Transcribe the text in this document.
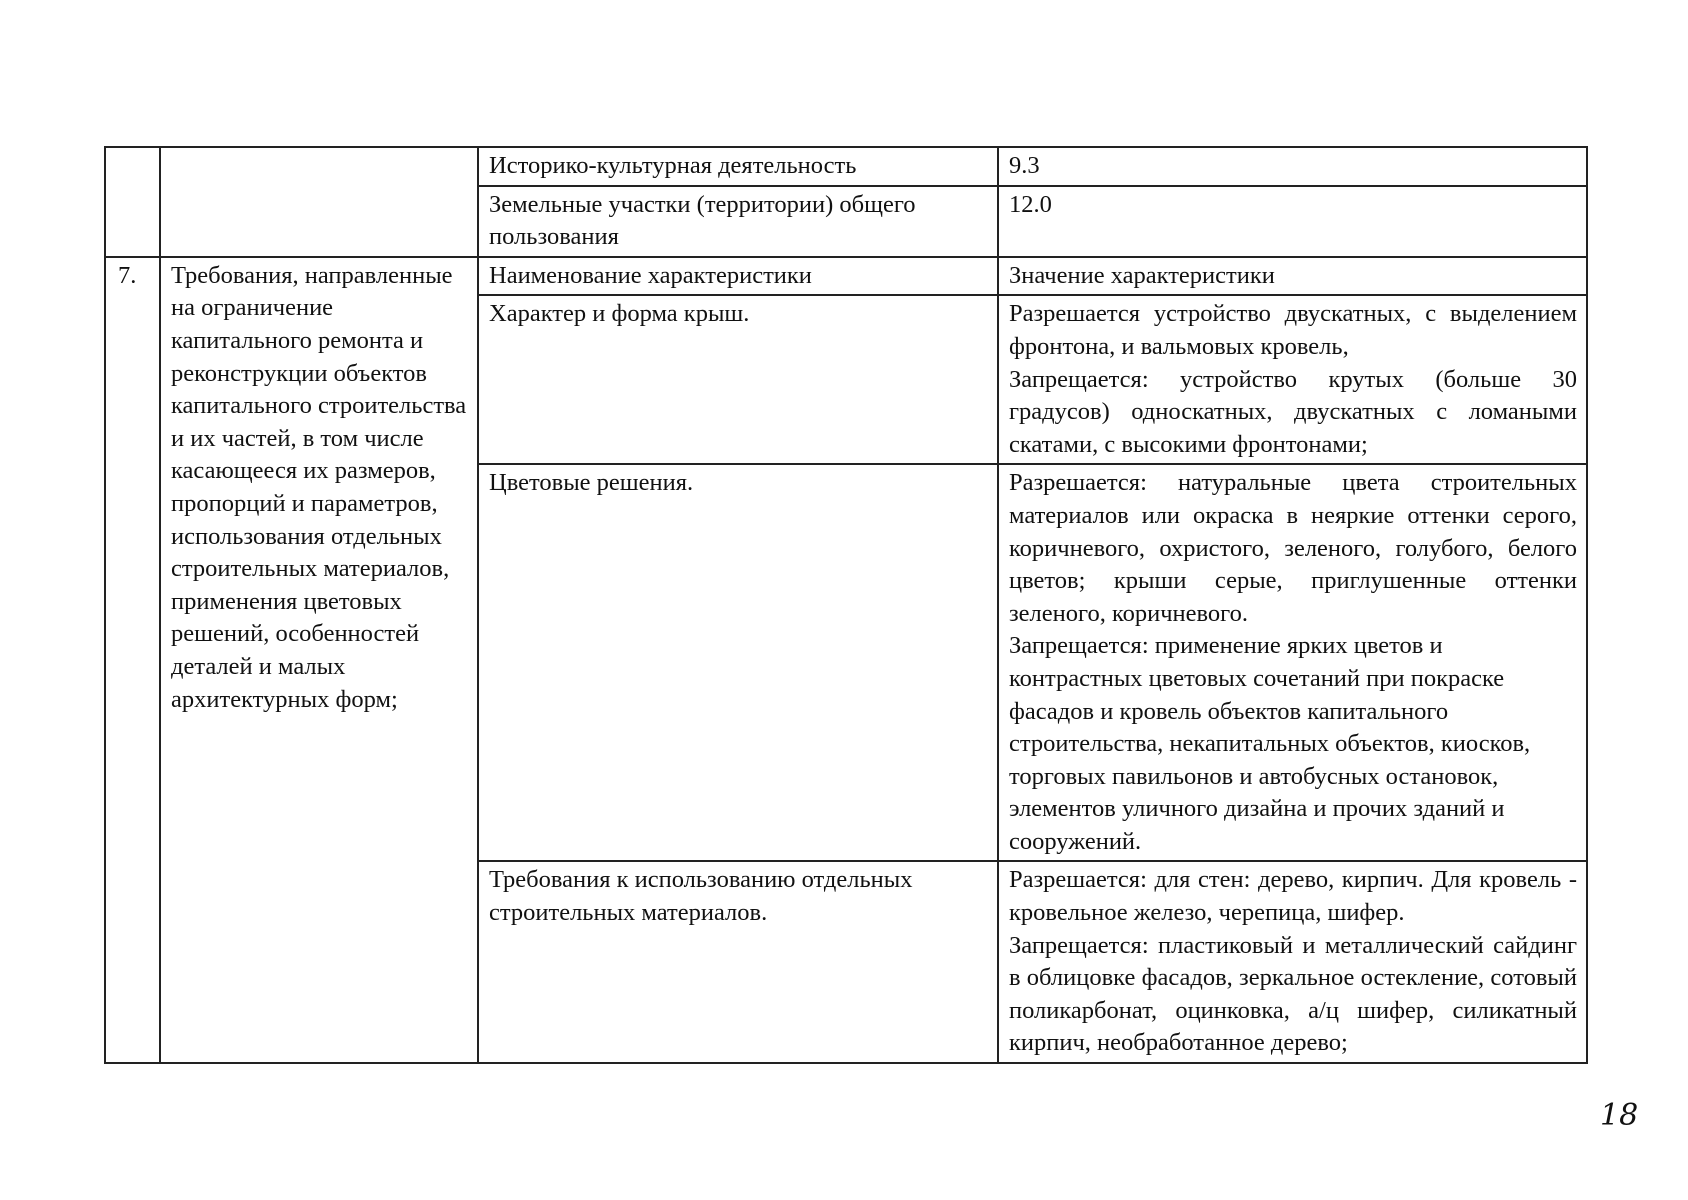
		Историко-культурная деятельность	9.3
		Земельные участки (территории) общего пользования	12.0
7.	Требования, направленные на ограничение капитального ремонта и реконструкции объектов капитального строительства и их частей, в том числе касающееся их размеров, пропорций и параметров, использования отдельных строительных материалов, применения цветовых решений, особенностей деталей и малых архитектурных форм;	Наименование характеристики	Значение характеристики
		Характер и форма крыш.	Разрешается устройство двускатных, с выделением фронтона, и вальмовых кровель,
Запрещается: устройство крутых (больше 30 градусов) односкатных, двускатных с ломаными скатами, с высокими фронтонами;

		Цветовые решения.	Разрешается: натуральные цвета строительных материалов или окраска в неяркие оттенки серого, коричневого, охристого, зеленого, голубого, белого цветов; крыши серые, приглушенные оттенки зеленого, коричневого.
Запрещается: применение ярких цветов и контрастных цветовых сочетаний при покраске фасадов и кровель объектов капитального строительства, некапитальных объектов, киосков, торговых павильонов и автобусных остановок, элементов уличного дизайна и прочих зданий и сооружений.

		Требования к использованию отдельных строительных материалов.	Разрешается: для стен: дерево, кирпич. Для кровель - кровельное железо, черепица, шифер.
Запрещается: пластиковый и металлический сайдинг в облицовке фасадов, зеркальное остекление, сотовый поликарбонат, оцинковка, а/ц шифер, силикатный кирпич, необработанное дерево;
18
